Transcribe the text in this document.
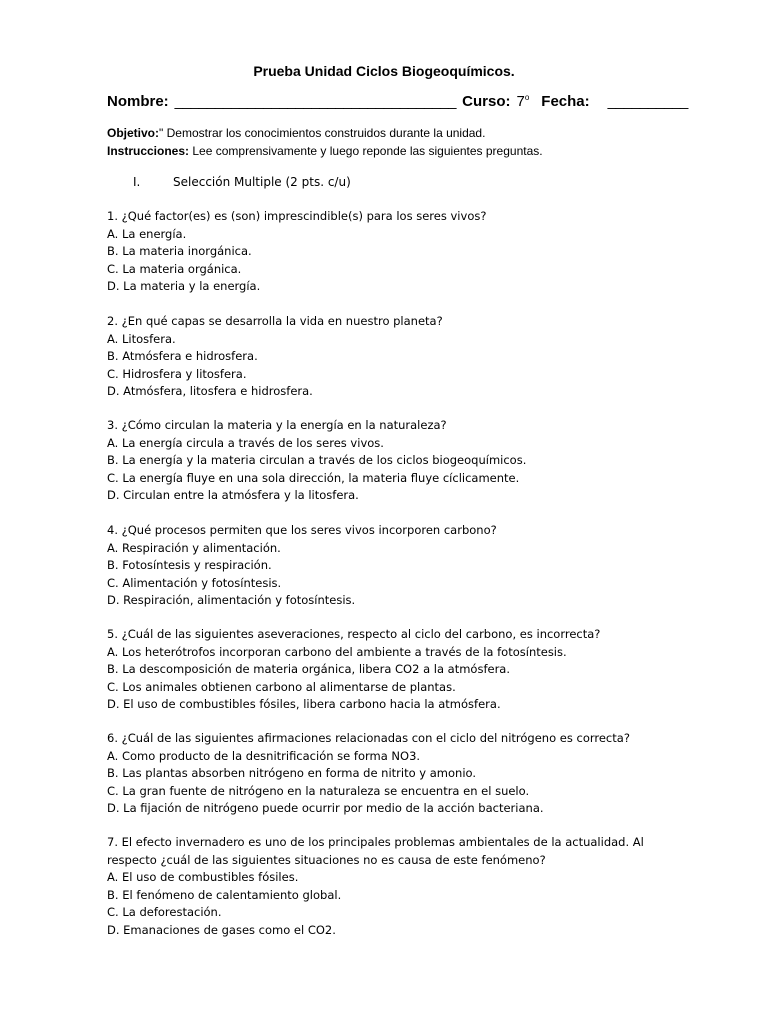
Prueba Unidad Ciclos Biogeoquímicos.
Nombre: ___________________________________ Curso: 7$^o$ Fecha: __________
Objetivo:" Demostrar los conocimientos construidos durante la unidad.
Instrucciones: Lee comprensivamente y luego reponde las siguientes preguntas.
I.	Selección Multiple (2 pts. c/u)
1. ¿Qué factor(es) es (son) imprescindible(s) para los seres vivos?
A. La energía.
B. La materia inorgánica.
C. La materia orgánica.
D. La materia y la energía.
2. ¿En qué capas se desarrolla la vida en nuestro planeta?
A. Litosfera.
B. Atmósfera e hidrosfera.
C. Hidrosfera y litosfera.
D. Atmósfera, litosfera e hidrosfera.
3. ¿Cómo circulan la materia y la energía en la naturaleza?
A. La energía circula a través de los seres vivos.
B. La energía y la materia circulan a través de los ciclos biogeoquímicos.
C. La energía fluye en una sola dirección, la materia fluye cíclicamente.
D. Circulan entre la atmósfera y la litosfera.
4. ¿Qué procesos permiten que los seres vivos incorporen carbono?
A. Respiración y alimentación.
B. Fotosíntesis y respiración.
C. Alimentación y fotosíntesis.
D. Respiración, alimentación y fotosíntesis.
5. ¿Cuál de las siguientes aseveraciones, respecto al ciclo del carbono, es incorrecta?
A. Los heterótrofos incorporan carbono del ambiente a través de la fotosíntesis.
B. La descomposición de materia orgánica, libera CO2 a la atmósfera.
C. Los animales obtienen carbono al alimentarse de plantas.
D. El uso de combustibles fósiles, libera carbono hacia la atmósfera.
6. ¿Cuál de las siguientes afirmaciones relacionadas con el ciclo del nitrógeno es correcta?
A. Como producto de la desnitrificación se forma NO3.
B. Las plantas absorben nitrógeno en forma de nitrito y amonio.
C. La gran fuente de nitrógeno en la naturaleza se encuentra en el suelo.
D. La fijación de nitrógeno puede ocurrir por medio de la acción bacteriana.
7. El efecto invernadero es uno de los principales problemas ambientales de la actualidad. Al
respecto ¿cuál de las siguientes situaciones no es causa de este fenómeno?
A. El uso de combustibles fósiles.
B. El fenómeno de calentamiento global.
C. La deforestación.
D. Emanaciones de gases como el CO2.
